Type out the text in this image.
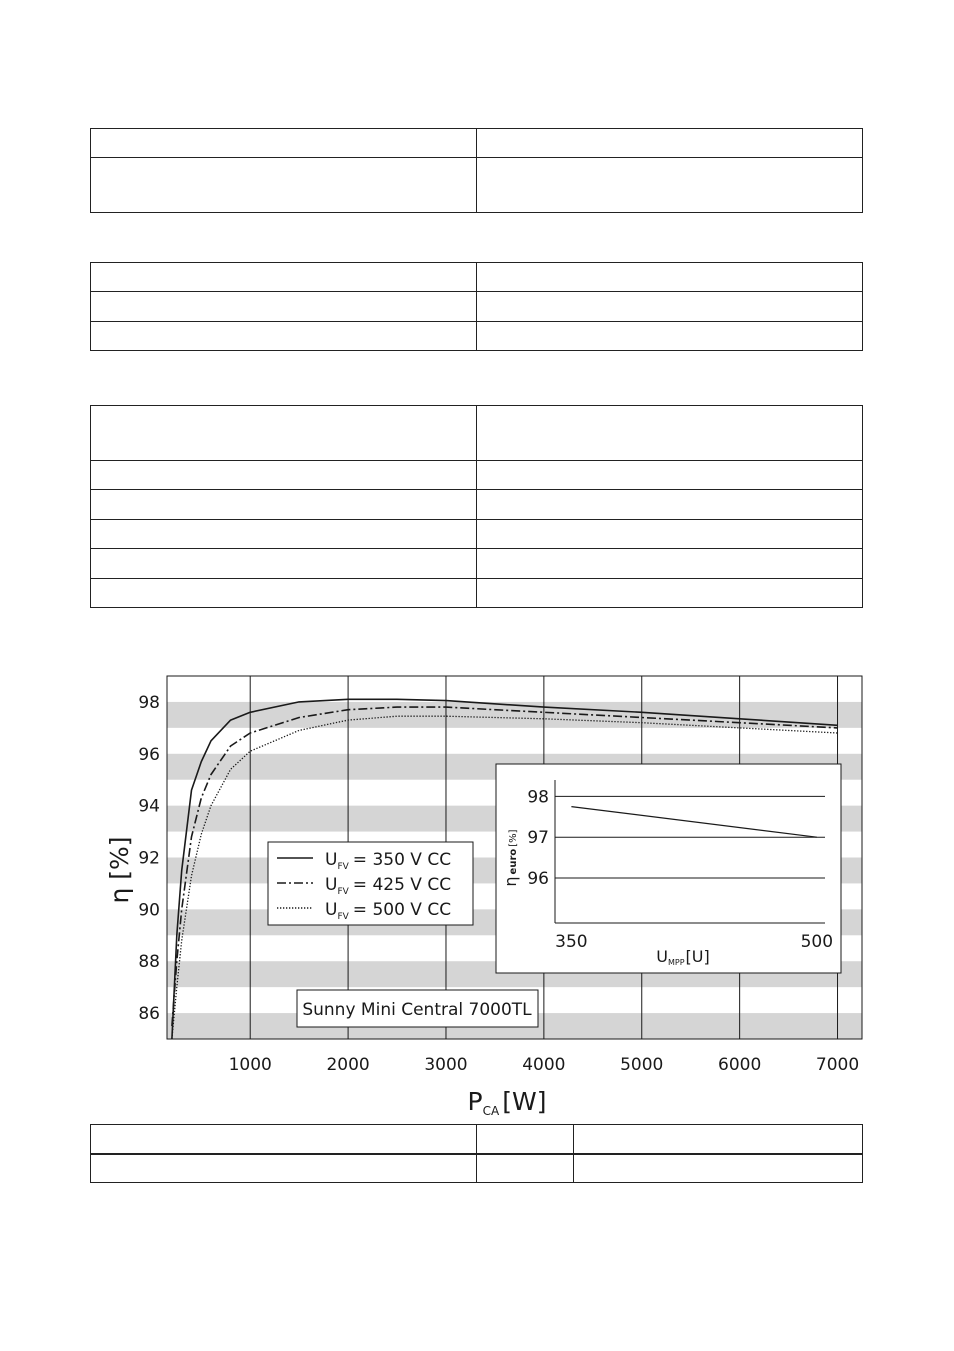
1000	2000	3000	4000	5000	6000	7000
86
88
90
92
94
96
98
η [%]
$P_{CA}$ [W]
$U_{FV} = 350$ V CC
$U_{FV} = 425$ V CC
$U_{FV} = 500$ V CC
Sunny Mini Central 7000TL
350	500
96
97
98
ηeuro[%]
UMPP[U]
